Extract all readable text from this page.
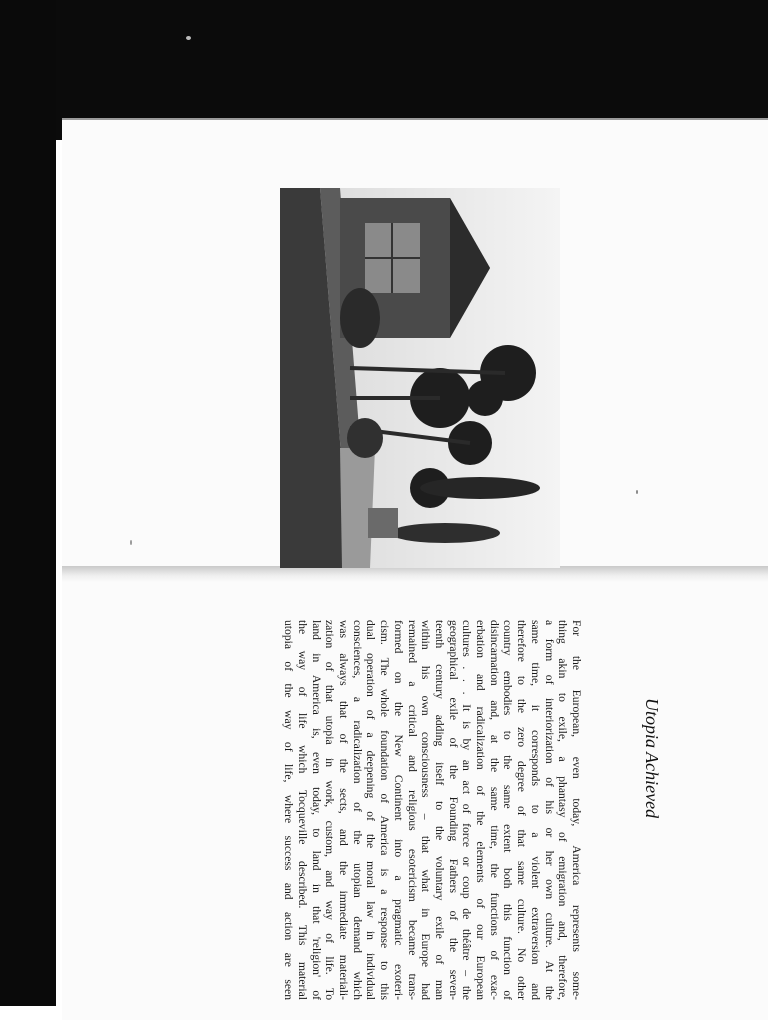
Utopia Achieved
For the European, even today, America represents some-
thing akin to exile, a phantasy of emigration and, therefore,
a form of interiorization of his or her own culture. At the
same time, it corresponds to a violent extraversion and
therefore to the zero degree of that same culture. No other
country embodies to the same extent both this function of
disincarnation and, at the same time, the functions of exac-
erbation and radicalization of the elements of our European
cultures . . . It is by an act of force or coup de théâtre – the
geographical exile of the Founding Fathers of the seven-
teenth century adding itself to the voluntary exile of man
within his own consciousness – that what in Europe had
remained a critical and religious esotericism became trans-
formed on the New Continent into a pragmatic exoteri-
cism. The whole foundation of America is a response to this
dual operation of a deepening of the moral law in individual
consciences, a radicalization of the utopian demand which
was always that of the sects, and the immediate materiali-
zation of that utopia in work, custom, and way of life. To
land in America is, even today, to land in that 'religion' of
the way of life which Tocqueville described. This material
utopia of the way of life, where success and action are seen
